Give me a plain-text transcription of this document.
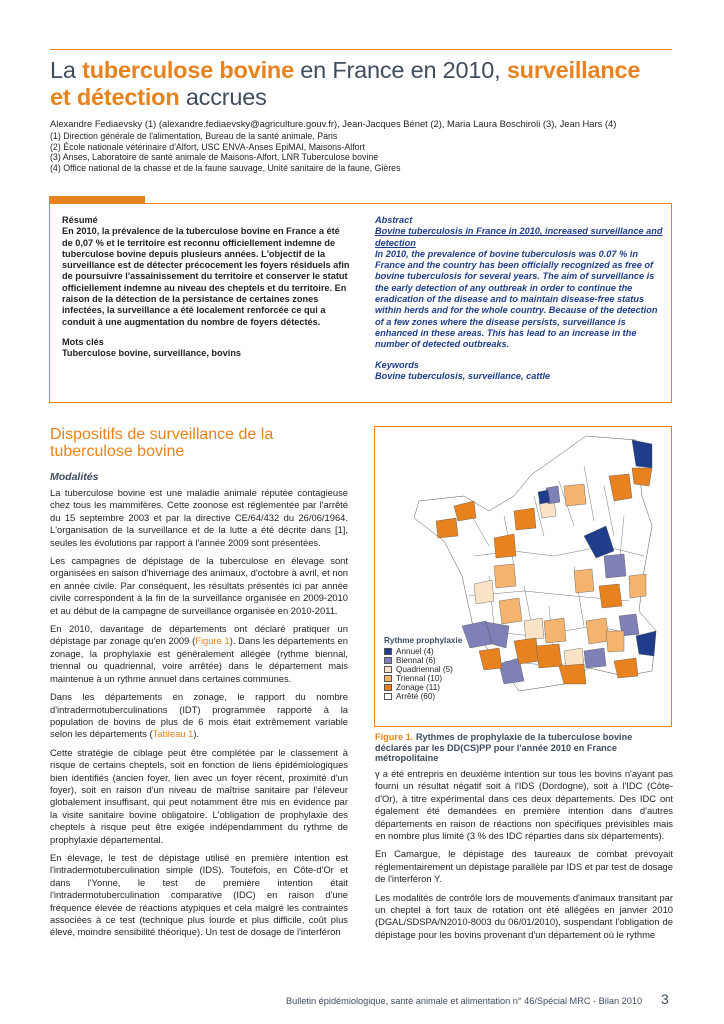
La tuberculose bovine en France en 2010, surveillance
et détection accrues
Alexandre Fediaevsky (1) (alexandre.fediaevsky@agriculture.gouv.fr), Jean-Jacques Bénet (2), Maria Laura Boschiroli (3), Jean Hars (4)
(1) Direction générale de l'alimentation, Bureau de la santé animale, Paris
(2) École nationale vétérinaire d'Alfort, USC ENVA-Anses EpiMAI, Maisons-Alfort
(3) Anses, Laboratoire de santé animale de Maisons-Alfort, LNR Tuberculose bovine
(4) Office national de la chasse et de la faune sauvage, Unité sanitaire de la faune, Gières
Résumé
En 2010, la prévalence de la tuberculose bovine en France a été de 0,07 % et le territoire est reconnu officiellement indemne de tuberculose bovine depuis plusieurs années. L'objectif de la surveillance est de détecter précocement les foyers résiduels afin de poursuivre l'assainissement du territoire et conserver le statut officiellement indemne au niveau des cheptels et du territoire. En raison de la détection de la persistance de certaines zones infectées, la surveillance a été localement renforcée ce qui a conduit à une augmentation du nombre de foyers détectés.
Mots clés
Tuberculose bovine, surveillance, bovins
Abstract
Bovine tuberculosis in France in 2010, increased surveillance and detection
In 2010, the prevalence of bovine tuberculosis was 0.07 % in France and the country has been officially recognized as free of bovine tuberculosis for several years. The aim of surveillance is the early detection of any outbreak in order to continue the eradication of the disease and to maintain disease-free status within herds and for the whole country. Because of the detection of a few zones where the disease persists, surveillance is enhanced in these areas. This has lead to an increase in the number of detected outbreaks.
Keywords
Bovine tuberculosis, surveillance, cattle
Dispositifs de surveillance de la tuberculose bovine
Modalités

La tuberculose bovine est une maladie animale réputée contagieuse chez tous les mammifères. Cette zoonose est réglementée par l'arrêté du 15 septembre 2003 et par la directive CE/64/432 du 26/06/1964. L'organisation de la surveillance et de la lutte a été décrite dans [1], seules les évolutions par rapport à l'année 2009 sont présentées.

Les campagnes de dépistage de la tuberculose en élevage sont organisées en saison d'hivernage des animaux, d'octobre à avril, et non en année civile. Par conséquent, les résultats présentés ici par année civile correspondent à la fin de la surveillance organisée en 2009-2010 et au début de la campagne de surveillance organisée en 2010-2011.

En 2010, davantage de départements ont déclaré pratiquer un dépistage par zonage qu'en 2009 (Figure 1). Dans les départements en zonage, la prophylaxie est généralement allégée (rythme biennal, triennal ou quadriennal, voire arrêtée) dans le département mais maintenue à un rythme annuel dans certaines communes.

Dans les départements en zonage, le rapport du nombre d'intradermotuberculinations (IDT) programmée rapporté à la population de bovins de plus de 6 mois était extrêmement variable selon les départements (Tableau 1).

Cette stratégie de ciblage peut être complétée par le classement à risque de certains cheptels, soit en fonction de liens épidémiologiques bien identifiés (ancien foyer, lien avec un foyer récent, proximité d'un foyer), soit en raison d'un niveau de maîtrise sanitaire par l'éleveur globalement insuffisant, qui peut notamment être mis en évidence par la visite sanitaire bovine obligatoire. L'obligation de prophylaxie des cheptels à risque peut être exigée indépendamment du rythme de prophylaxie départemental.

En élevage, le test de dépistage utilisé en première intention est l'intradermotuberculination simple (IDS). Toutefois, en Côte-d'Or et dans l'Yonne, le test de première intention était l'intradermotuberculination comparative (IDC) en raison d'une fréquence élevée de réactions atypiques et cela malgré les contraintes associées à ce test (technique plus lourde et plus difficile, coût plus élevé, moindre sensibilité théorique). Un test de dosage de l'interféron

Rythme prophylaxie
Annuel (4)
Biennal (6)
Quadriennal (5)
Triennal (10)
Zonage (11)
Arrêté (60)
Figure 1. Rythmes de prophylaxie de la tuberculose bovine déclarés par les DD(CS)PP pour l'année 2010 en France métropolitaine

γ a été entrepris en deuxième intention sur tous les bovins n'ayant pas fourni un résultat négatif soit à l'IDS (Dordogne), soit à l'IDC (Côte-d'Or), à titre expérimental dans ces deux départements. Des IDC ont également été demandées en première intention dans d'autres départements en raison de réactions non spécifiques prévisibles mais en nombre plus limité (3 % des IDC réparties dans six départements).

En Camargue, le dépistage des taureaux de combat prévoyait réglementairement un dépistage parallèle par IDS et par test de dosage de l'interféron Y.

Les modalités de contrôle lors de mouvements d'animaux transitant par un cheptel à fort taux de rotation ont été allégées en janvier 2010 (DGAL/SDSPA/N2010-8003 du 06/01/2010), suspendant l'obligation de dépistage pour les bovins provenant d'un département où le rythme

Bulletin épidémiologique, santé animale et alimentation n° 46/Spécial MRC - Bilan 2010 3
